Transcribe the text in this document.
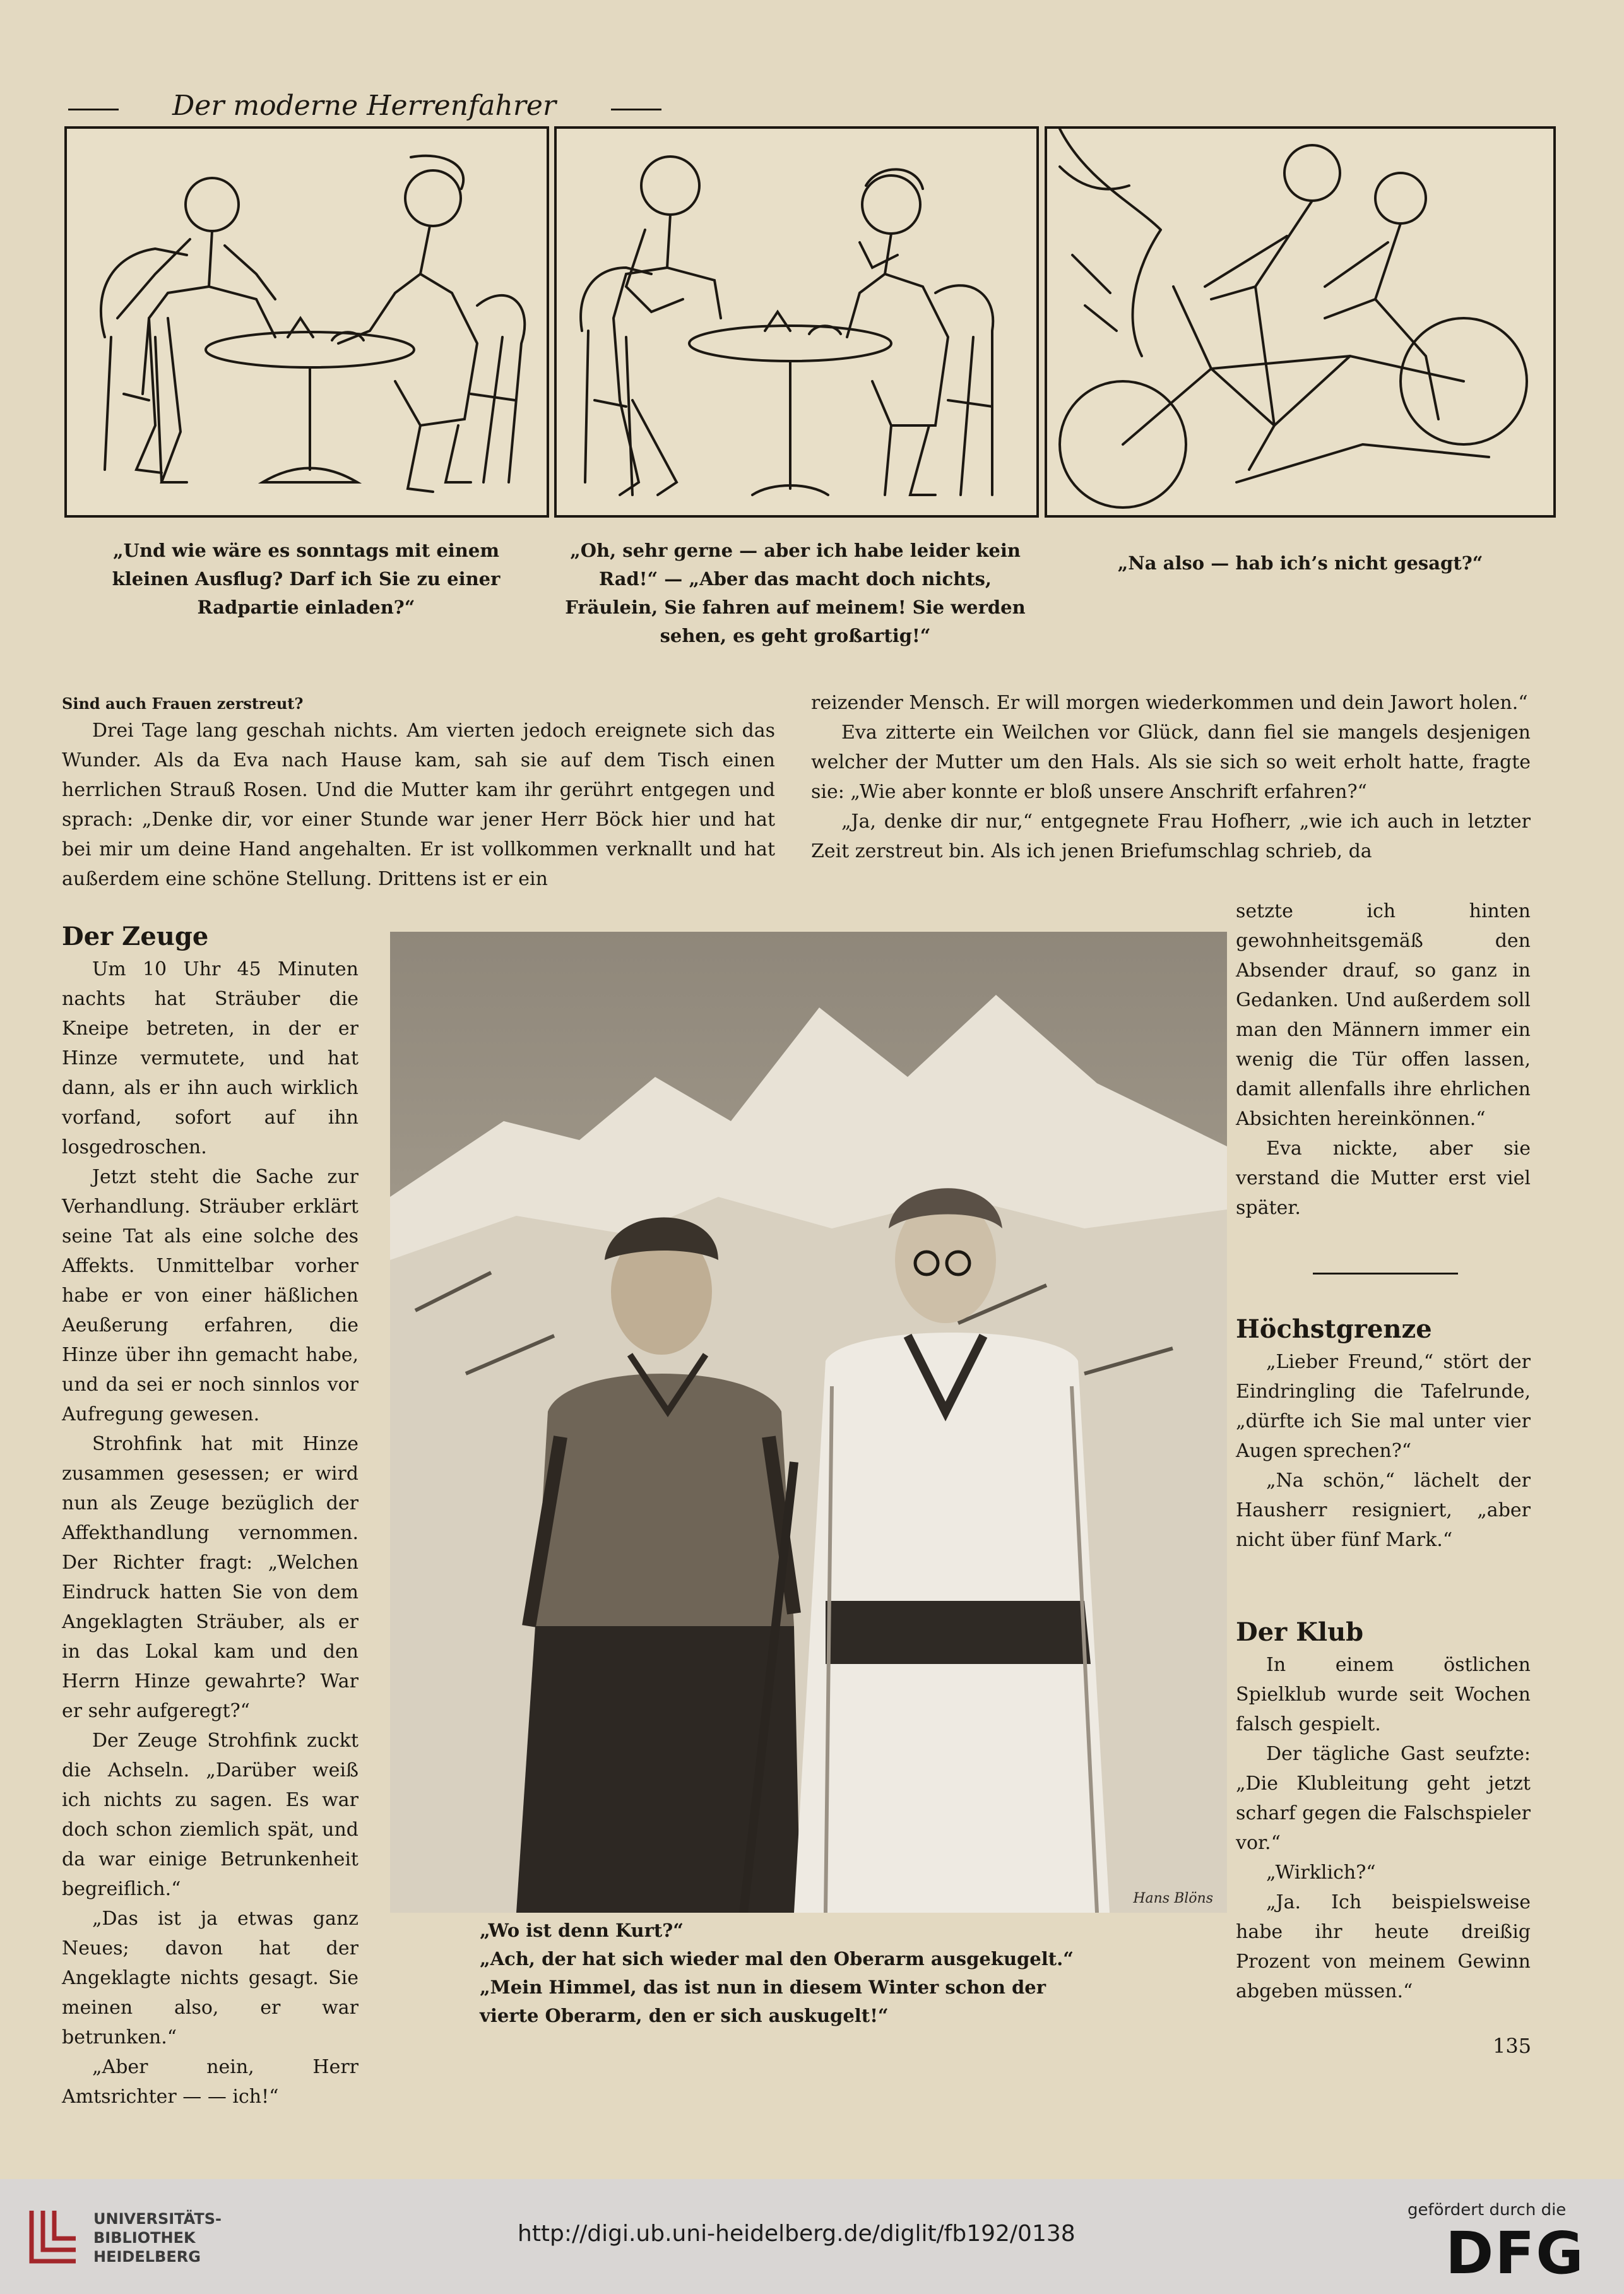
Der moderne Herrenfahrer
„Und wie wäre es sonntags mit einem kleinen Ausflug? Darf ich Sie zu einer Radpartie einladen?“
„Oh, sehr gerne — aber ich habe leider kein Rad!“ — „Aber das macht doch nichts, Fräulein, Sie fahren auf meinem! Sie werden sehen, es geht großartig!“
„Na also — hab ich’s nicht gesagt?“
Sind auch Frauen zerstreut?

Drei Tage lang geschah nichts. Am vierten jedoch ereignete sich das Wunder. Als da Eva nach Hause kam, sah sie auf dem Tisch einen herrlichen Strauß Rosen. Und die Mutter kam ihr gerührt entgegen und sprach: „Denke dir, vor einer Stunde war jener Herr Böck hier und hat bei mir um deine Hand angehalten. Er ist vollkommen verknallt und hat außerdem eine schöne Stellung. Drittens ist er ein

reizender Mensch. Er will morgen wiederkommen und dein Jawort holen.“

Eva zitterte ein Weilchen vor Glück, dann fiel sie mangels desjenigen welcher der Mutter um den Hals. Als sie sich so weit erholt hatte, fragte sie: „Wie aber konnte er bloß unsere Anschrift erfahren?“

„Ja, denke dir nur,“ entgegnete Frau Hofherr, „wie ich auch in letzter Zeit zerstreut bin. Als ich jenen Briefumschlag schrieb, da

setzte ich hinten gewohnheitsgemäß den Absender drauf, so ganz in Gedanken. Und außerdem soll man den Männern immer ein wenig die Tür offen lassen, damit allenfalls ihre ehrlichen Absichten hereinkönnen.“

Eva nickte, aber sie verstand die Mutter erst viel später.

Der Zeuge

Um 10 Uhr 45 Minuten nachts hat Sträuber die Kneipe betreten, in der er Hinze vermutete, und hat dann, als er ihn auch wirklich vorfand, sofort auf ihn losgedroschen.

Jetzt steht die Sache zur Verhandlung. Sträuber erklärt seine Tat als eine solche des Affekts. Unmittelbar vorher habe er von einer häßlichen Aeußerung erfahren, die Hinze über ihn gemacht habe, und da sei er noch sinnlos vor Aufregung gewesen.

Strohfink hat mit Hinze zusammen gesessen; er wird nun als Zeuge bezüglich der Affekthandlung vernommen. Der Richter fragt: „Welchen Eindruck hatten Sie von dem Angeklagten Sträuber, als er in das Lokal kam und den Herrn Hinze gewahrte? War er sehr aufgeregt?“

Der Zeuge Strohfink zuckt die Achseln. „Darüber weiß ich nichts zu sagen. Es war doch schon ziemlich spät, und da war einige Betrunkenheit begreiflich.“

„Das ist ja etwas ganz Neues; davon hat der Angeklagte nichts gesagt. Sie meinen also, er war betrunken.“

„Aber nein, Herr Amtsrichter — — ich!“

Hans Blöns
„Wo ist denn Kurt?“
„Ach, der hat sich wieder mal den Oberarm ausgekugelt.“
„Mein Himmel, das ist nun in diesem Winter schon der vierte Oberarm, den er sich auskugelt!“
Höchstgrenze

„Lieber Freund,“ stört der Eindringling die Tafelrunde, „dürfte ich Sie mal unter vier Augen sprechen?“

„Na schön,“ lächelt der Hausherr resigniert, „aber nicht über fünf Mark.“

Der Klub

In einem östlichen Spielklub wurde seit Wochen falsch gespielt.

Der tägliche Gast seufzte: „Die Klubleitung geht jetzt scharf gegen die Falschspieler vor.“

„Wirklich?“

„Ja. Ich beispielsweise habe ihr heute dreißig Prozent von meinem Gewinn abgeben müssen.“

135
UNIVERSITÄTS-
BIBLIOTHEK
HEIDELBERG
http://digi.ub.uni-heidelberg.de/diglit/fb192/0138
gefördert durch die
DFG
